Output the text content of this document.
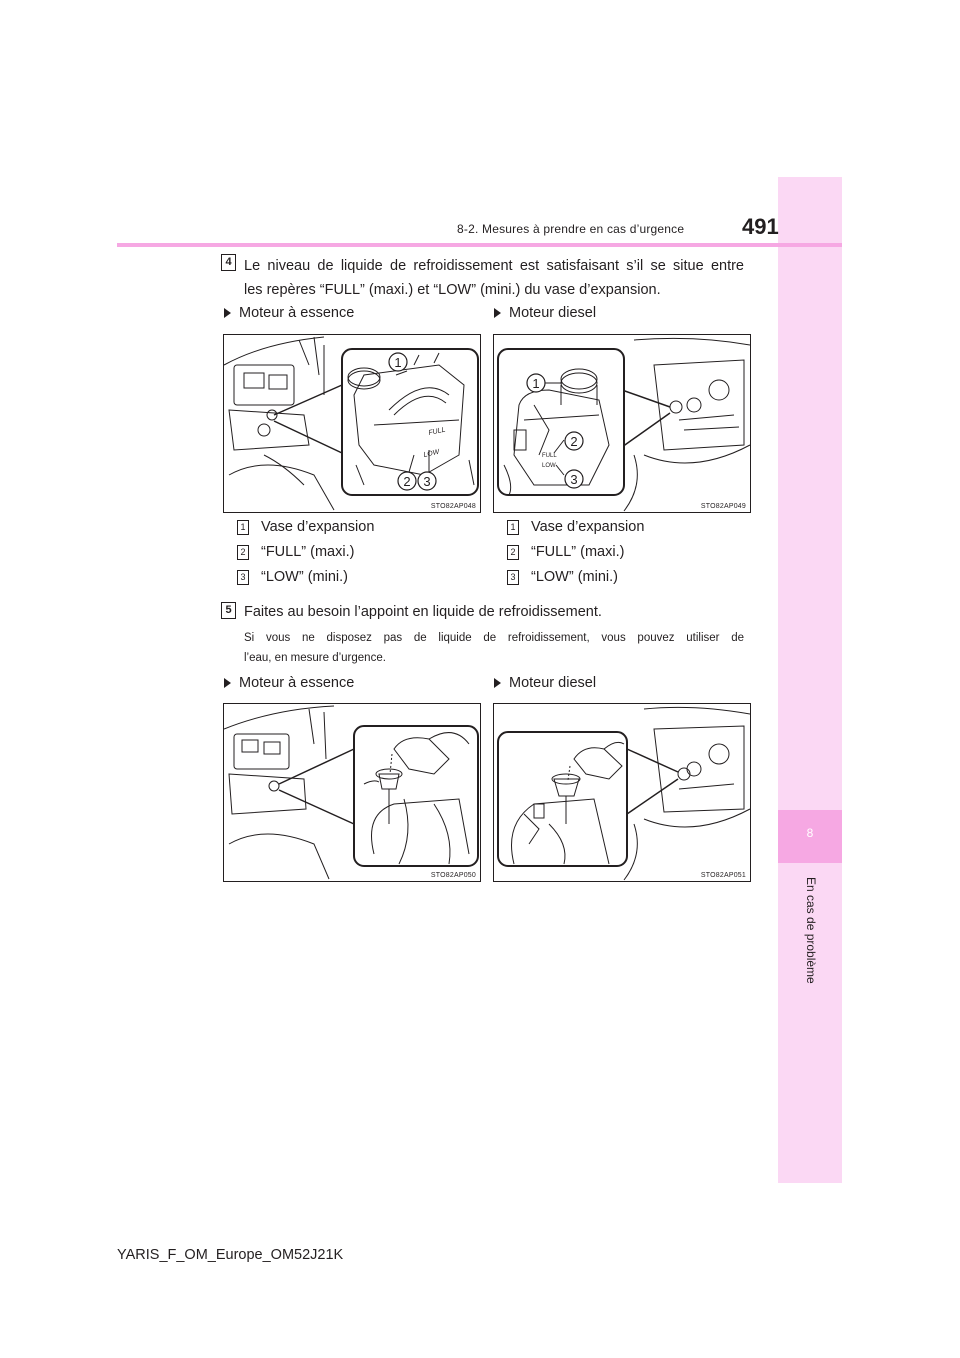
8
En cas de problème
8-2. Mesures à prendre en cas d’urgence	491
4 Le niveau de liquide de refroidissement est satisfaisant s’il se situe entre
les repères “FULL” (maxi.) et “LOW” (mini.) du vase d’expansion.
Moteur à essence	Moteur diesel
FULL
LOW
1
2 3
STO82AP048
FULL
LOW
1
2
3
STO82AP049
1 Vase d’expansion
2 “FULL” (maxi.)
3 “LOW” (mini.)
1 Vase d’expansion
2 “FULL” (maxi.)
3 “LOW” (mini.)
5 Faites au besoin l’appoint en liquide de refroidissement.
Si vous ne disposez pas de liquide de refroidissement, vous pouvez utiliser de
l’eau, en mesure d’urgence.
Moteur à essence	Moteur diesel
STO82AP050	STO82AP051
YARIS_F_OM_Europe_OM52J21K
